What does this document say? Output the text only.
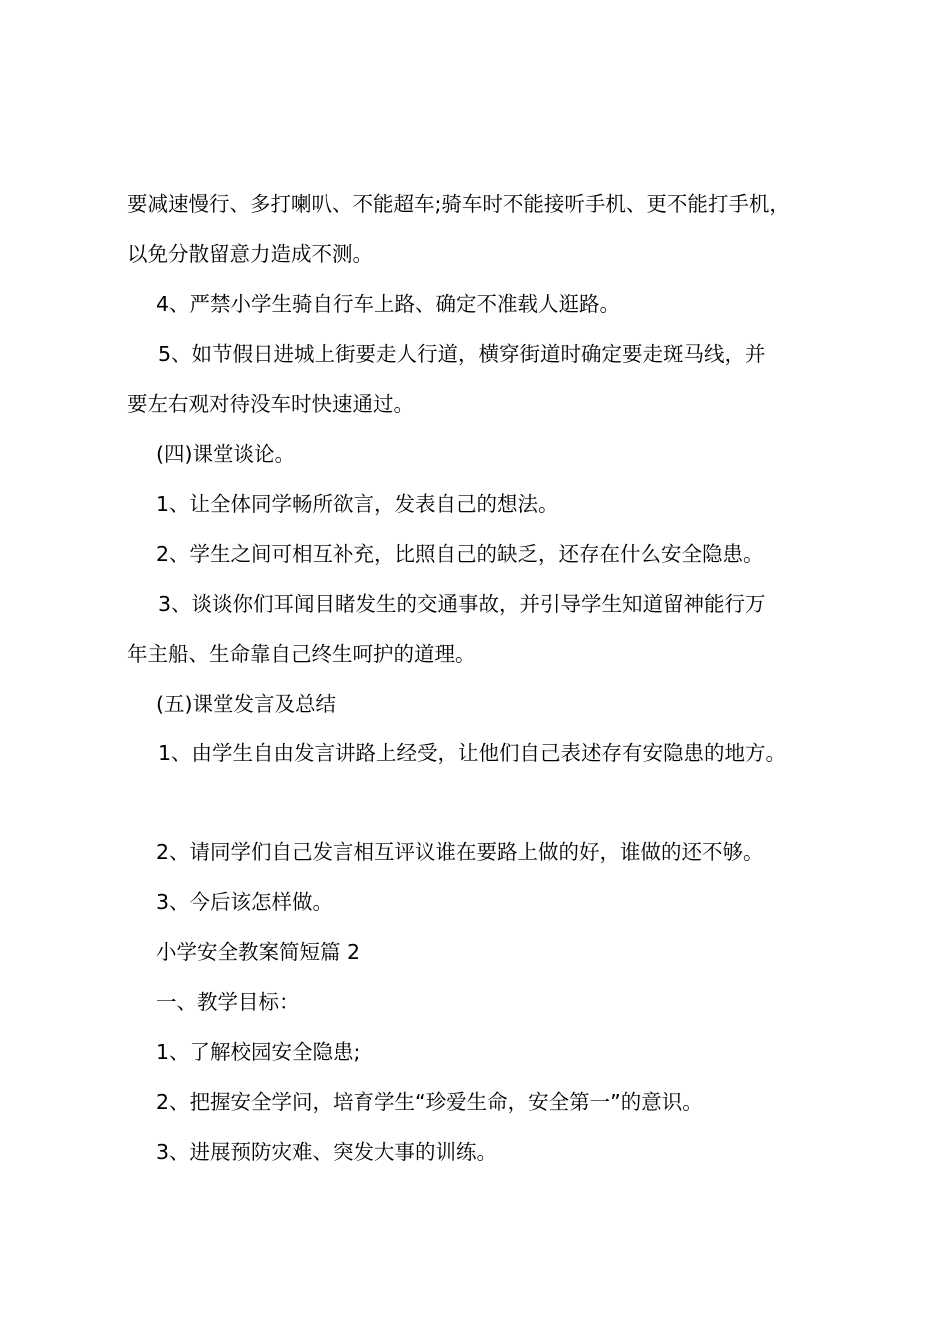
要减速慢行、多打喇叭、不能超车;骑车时不能接听手机、更不能打手机，

以免分散留意力造成不测。

4、严禁小学生骑自行车上路、确定不准载人逛路。

5、如节假日进城上街要走人行道，横穿街道时确定要走斑马线，并

要左右观对待没车时快速通过。

(四)课堂谈论。

1、让全体同学畅所欲言，发表自己的想法。

2、学生之间可相互补充，比照自己的缺乏，还存在什么安全隐患。

3、谈谈你们耳闻目睹发生的交通事故，并引导学生知道留神能行万

年主船、生命靠自己终生呵护的道理。

(五)课堂发言及总结

1、由学生自由发言讲路上经受，让他们自己表述存有安隐患的地方。

2、请同学们自己发言相互评议谁在要路上做的好，谁做的还不够。

3、今后该怎样做。

小学安全教案简短篇 2

一、教学目标：

1、了解校园安全隐患;

2、把握安全学问，培育学生“珍爱生命，安全第一”的意识。

3、进展预防灾难、突发大事的训练。
